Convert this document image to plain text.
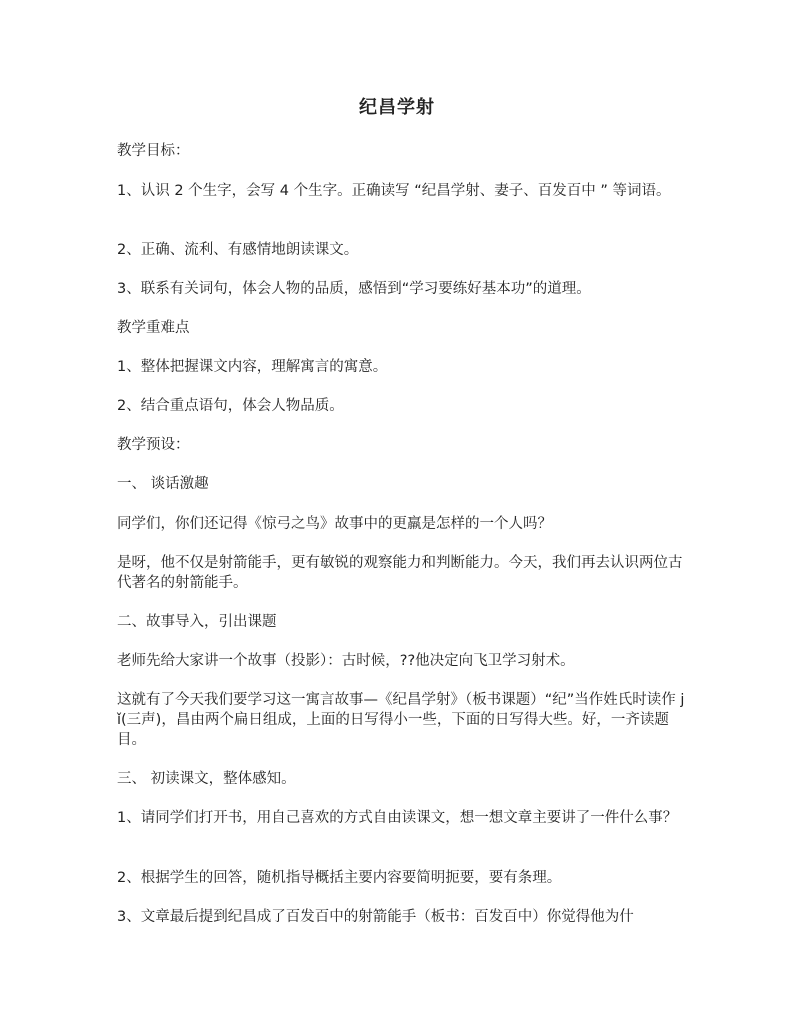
纪昌学射
教学目标：
1、认识 2 个生字，会写 4 个生字。正确读写 “纪昌学射、妻子、百发百中 ” 等词语。
2、正确、流利、有感情地朗读课文。
3、联系有关词句，体会人物的品质，感悟到“学习要练好基本功”的道理。
教学重难点
1、整体把握课文内容，理解寓言的寓意。
2、结合重点语句，体会人物品质。
教学预设：
一、 谈话激趣
同学们，你们还记得《惊弓之鸟》故事中的更羸是怎样的一个人吗？
是呀，他不仅是射箭能手，更有敏锐的观察能力和判断能力。今天，我们再去认识两位古代著名的射箭能手。
二、故事导入，引出课题
老师先给大家讲一个故事（投影）：古时候，??他决定向飞卫学习射术。
这就有了今天我们要学习这一寓言故事—《纪昌学射》（板书课题）“纪”当作姓氏时读作 jǐ(三声)，昌由两个扁日组成，上面的日写得小一些，下面的日写得大些。好，一齐读题目。
三、 初读课文，整体感知。
1、请同学们打开书，用自己喜欢的方式自由读课文，想一想文章主要讲了一件什么事？
2、根据学生的回答，随机指导概括主要内容要简明扼要，要有条理。
3、文章最后提到纪昌成了百发百中的射箭能手（板书：百发百中）你觉得他为什
